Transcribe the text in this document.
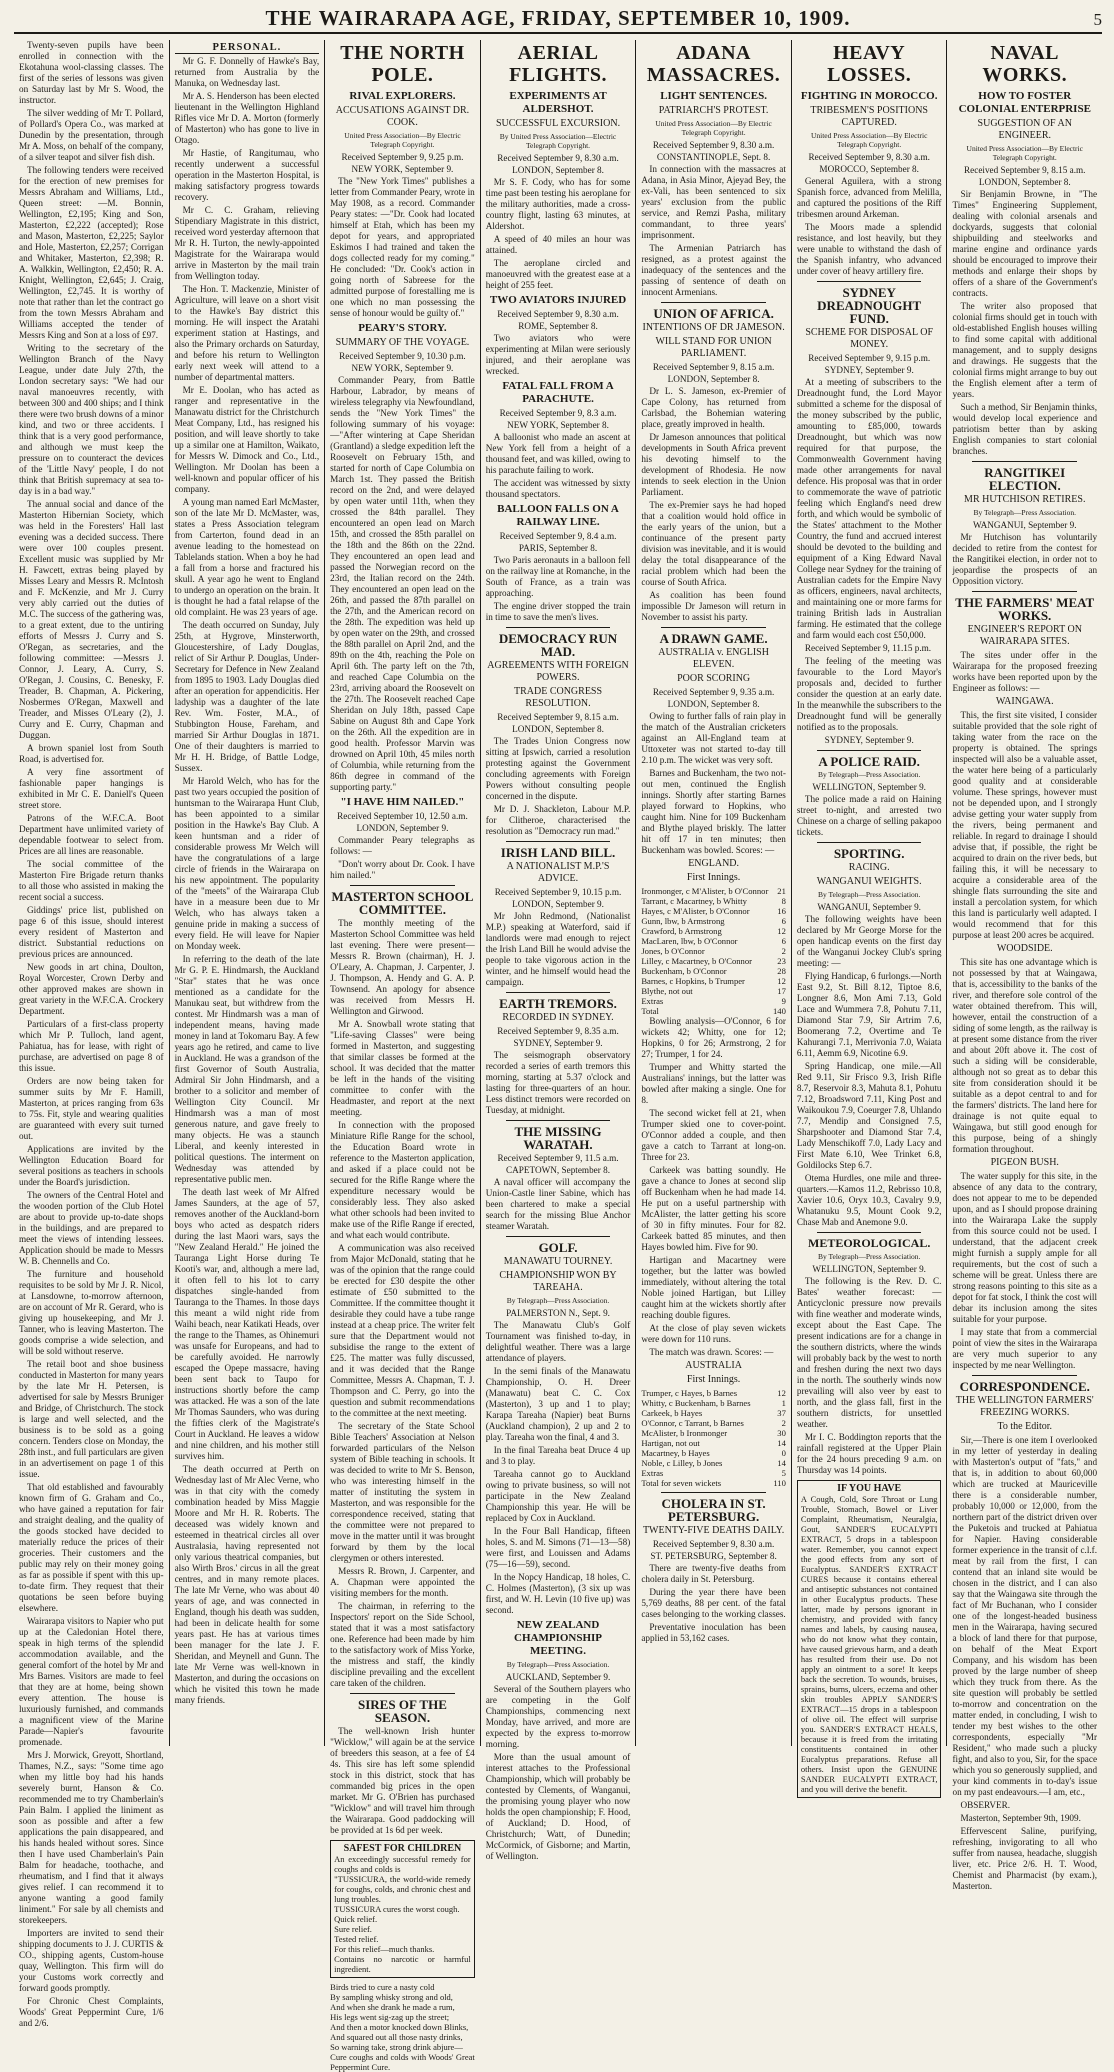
THE WAIRARAPA AGE, FRIDAY, SEPTEMBER 10, 1909.	5

Twenty-seven pupils have been enrolled in connection with the Ekotahuna wool-classing classes. The first of the series of lessons was given on Saturday last by Mr S. Wood, the instructor.

The silver wedding of Mr T. Pollard, of Pollard's Opera Co., was marked at Dunedin by the presentation, through Mr A. Moss, on behalf of the company, of a silver teapot and silver fish dish.

The following tenders were received for the erection of new premises for Messrs Abraham and Williams, Ltd., Queen street: —M. Bonnin, Wellington, £2,195; King and Son, Masterton, £2,222 (accepted); Rose and Mason, Masterton, £2,225; Saylor and Hole, Masterton, £2,257; Corrigan and Whitaker, Masterton, £2,398; R. A. Walkkin, Wellington, £2,450; R. A. Knight, Wellington, £2,645; J. Craig, Wellington, £2,745. It is worthy of note that rather than let the contract go from the town Messrs Abraham and Williams accepted the tender of Messrs King and Son at a loss of £97.

Writing to the secretary of the Wellington Branch of the Navy League, under date July 27th, the London secretary says: "We had our naval manoeuvres recently, with between 300 and 400 ships; and I think there were two brush downs of a minor kind, and two or three accidents. I think that is a very good performance, and although we must keep the pressure on to counteract the devices of the 'Little Navy' people, I do not think that British supremacy at sea to-day is in a bad way."

The annual social and dance of the Masterton Hibernian Society, which was held in the Foresters' Hall last evening was a decided success. There were over 100 couples present. Excellent music was supplied by Mr H. Fawcett, extras being played by Misses Leary and Messrs R. McIntosh and F. McKenzie, and Mr J. Curry very ably carried out the duties of M.C. The success of the gathering was, to a great extent, due to the untiring efforts of Messrs J. Curry and S. O'Regan, as secretaries, and the following committee: —Messrs J. Connor, J. Leary, A. Curry, S. O'Regan, J. Cousins, C. Benesky, F. Treader, B. Chapman, A. Pickering, Nosbermes O'Regan, Maxwell and Treader, and Misses O'Leary (2), J. Curry and E. Curry, Chapman and Duggan.

A brown spaniel lost from South Road, is advertised for.

A very fine assortment of fashionable paper hangings is exhibited in Mr C. E. Daniell's Queen street store.

Patrons of the W.F.C.A. Boot Department have unlimited variety of dependable footwear to select from. Prices are all lines are reasonable.

The social committee of the Masterton Fire Brigade return thanks to all those who assisted in making the recent social a success.

Giddings' price list, published on page 6 of this issue, should interest every resident of Masterton and district. Substantial reductions on previous prices are announced.

New goods in art china, Doulton, Royal Worcester, Crown Derby and other approved makes are shown in great variety in the W.F.C.A. Crockery Department.

Particulars of a first-class property which Mr P. Tulloch, land agent, Pahiatua, has for lease, with right of purchase, are advertised on page 8 of this issue.

Orders are now being taken for summer suits by Mr F. Hamill, Masterton, at prices ranging from 63s to 75s. Fit, style and wearing qualities are guaranteed with every suit turned out.

Applications are invited by the Wellington Education Board for several positions as teachers in schools under the Board's jurisdiction.

The owners of the Central Hotel and the wooden portion of the Club Hotel are about to provide up-to-date shops in the buildings, and are prepared to meet the views of intending lessees. Application should be made to Messrs W. B. Chennells and Co.

The furniture and household requisites to be sold by Mr J. R. Nicol, at Lansdowne, to-morrow afternoon, are on account of Mr R. Gerard, who is giving up housekeeping, and Mr J. Tanner, who is leaving Masterton. The goods comprise a wide selection, and will be sold without reserve.

The retail boot and shoe business conducted in Masterton for many years by the late Mr H. Petersen, is advertised for sale by Messrs Bruniger and Bridge, of Christchurch. The stock is large and well selected, and the business is to be sold as a going concern. Tenders close on Monday, the 28th inst., and full particulars are given in an advertisement on page 1 of this issue.

That old established and favourably known firm of G. Graham and Co., who have gained a reputation for fair and straight dealing, and the quality of the goods stocked have decided to materially reduce the prices of their groceries. Their customers and the public may rely on their money going as far as possible if spent with this up-to-date firm. They request that their quotations be seen before buying elsewhere.

Wairarapa visitors to Napier who put up at the Caledonian Hotel there, speak in high terms of the splendid accommodation available, and the general comfort of the hotel by Mr and Mrs Barnes. Visitors are made to feel that they are at home, being shown every attention. The house is luxuriously furnished, and commands a magnificent view of the Marine Parade—Napier's favourite promenade.

Mrs J. Morwick, Greyott, Shortland, Thames, N.Z., says: "Some time ago when my little boy had his hands severely burnt, Hanson & Co. recommended me to try Chamberlain's Pain Balm. I applied the liniment as soon as possible and after a few applications the pain disappeared, and his hands healed without sores. Since then I have used Chamberlain's Pain Balm for headache, toothache, and rheumatism, and I find that it always gives relief. I can recommend it to anyone wanting a good family liniment." For sale by all chemists and storekeepers.

Importers are invited to send their shipping documents to J. J. CURTIS & CO., shipping agents, Custom-house quay, Wellington. This firm will do your Customs work correctly and forward goods promptly.

For Chronic Chest Complaints, Woods' Great Peppermint Cure, 1/6 and 2/6.

PERSONAL.

Mr G. F. Donnelly of Hawke's Bay, returned from Australia by the Manuka, on Wednesday last.

Mr A. S. Henderson has been elected lieutenant in the Wellington Highland Rifles vice Mr D. A. Morton (formerly of Masterton) who has gone to live in Otago.

Mr Hastie, of Rangitumau, who recently underwent a successful operation in the Masterton Hospital, is making satisfactory progress towards recovery.

Mr C. C. Graham, relieving Stipendiary Magistrate in this district, received word yesterday afternoon that Mr R. H. Turton, the newly-appointed Magistrate for the Wairarapa would arrive in Masterton by the mail train from Wellington today.

The Hon. T. Mackenzie, Minister of Agriculture, will leave on a short visit to the Hawke's Bay district this morning. He will inspect the Aratahi experiment station at Hastings, and also the Primary orchards on Saturday, and before his return to Wellington early next week will attend to a number of departmental matters.

Mr E. Doolan, who has acted as ranger and representative in the Manawatu district for the Christchurch Meat Company, Ltd., has resigned his position, and will leave shortly to take up a similar one at Hamilton, Waikato, for Messrs W. Dimock and Co., Ltd., Wellington. Mr Doolan has been a well-known and popular officer of his company.

A young man named Earl McMaster, son of the late Mr D. McMaster, was, states a Press Association telegram from Carterton, found dead in an avenue leading to the homestead on Tablelands station. When a boy he had a fall from a horse and fractured his skull. A year ago he went to England to undergo an operation on the brain. It is thought he had a fatal relapse of the old complaint. He was 23 years of age.

The death occurred on Sunday, July 25th, at Hygrove, Minsterworth, Gloucestershire, of Lady Douglas, relict of Sir Arthur P. Douglas, Under-Secretary for Defence in New Zealand from 1895 to 1903. Lady Douglas died after an operation for appendicitis. Her ladyship was a daughter of the late Rev. Wm. Foster, M.A., of Stubbington House, Fareham, and married Sir Arthur Douglas in 1871. One of their daughters is married to Mr H. H. Bridge, of Battle Lodge, Sussex.

Mr Harold Welch, who has for the past two years occupied the position of huntsman to the Wairarapa Hunt Club, has been appointed to a similar position in the Hawke's Bay Club. A keen huntsman and a rider of considerable prowess Mr Welch will have the congratulations of a large circle of friends in the Wairarapa on his new appointment. The popularity of the "meets" of the Wairarapa Club have in a measure been due to Mr Welch, who has always taken a genuine pride in making a success of every field. He will leave for Napier on Monday week.

In referring to the death of the late Mr G. P. E. Hindmarsh, the Auckland "Star" states that he was once mentioned as a candidate for the Manukau seat, but withdrew from the contest. Mr Hindmarsh was a man of independent means, having made money in land at Tokomaru Bay. A few years ago he retired, and came to live in Auckland. He was a grandson of the first Governor of South Australia, Admiral Sir John Hindmarsh, and a brother to a solicitor and member of Wellington City Council. Mr Hindmarsh was a man of most generous nature, and gave freely to many objects. He was a staunch Liberal, and keenly interested in political questions. The interment on Wednesday was attended by representative public men.

The death last week of Mr Alfred James Saunders, at the age of 57, removes another of the Auckland-born boys who acted as despatch riders during the last Maori wars, says the "New Zealand Herald." He joined the Tauranga Light Horse during Te Kooti's war, and, although a mere lad, it often fell to his lot to carry dispatches single-handed from Tauranga to the Thames. In those days this meant a wild night ride from Waihi beach, near Katikati Heads, over the range to the Thames, as Ohinemuri was unsafe for Europeans, and had to be carefully avoided. He narrowly escaped the Opepe massacre, having been sent back to Taupo for instructions shortly before the camp was attacked. He was a son of the late Mr Thomas Saunders, who was during the fifties clerk of the Magistrate's Court in Auckland. He leaves a widow and nine children, and his mother still survives him.

The death occurred at Perth on Wednesday last of Mr Alec Verne, who was in that city with the comedy combination headed by Miss Maggie Moore and Mr H. R. Roberts. The deceased was widely known and esteemed in theatrical circles all over Australasia, having represented not only various theatrical companies, but also Wirth Bros.' circus in all the great centres, and in many remote places. The late Mr Verne, who was about 40 years of age, and was connected in England, though his death was sudden, had been in delicate health for some years past. He has at various times been manager for the late J. F. Sheridan, and Meynell and Gunn. The late Mr Verne was well-known in Masterton, and during the occasions on which he visited this town he made many friends.

THE NORTH POLE.
RIVAL EXPLORERS.
ACCUSATIONS AGAINST DR. COOK.
United Press Association—By Electric Telegraph Copyright.
Received September 9, 9.25 p.m.
NEW YORK, September 9.

The "New York Times" publishes a letter from Commander Peary, wrote in May 1908, as a record. Commander Peary states: —"Dr. Cook had located himself at Etah, which has been my depot for years, and appropriated Eskimos I had trained and taken the dogs collected ready for my coming." He concluded: "Dr. Cook's action in going north of Sabreese for the admitted purpose of forestalling me is one which no man possessing the sense of honour would be guilty of."

PEARY'S STORY.
SUMMARY OF THE VOYAGE.
Received September 9, 10.30 p.m.
NEW YORK, September 9.

Commander Peary, from Battle Harbour, Labrador, by means of wireless telegraphy via Newfoundland, sends the "New York Times" the following summary of his voyage: —"After wintering at Cape Sheridan (Grantland) a sledge expedition left the Roosevelt on February 15th, and started for north of Cape Columbia on March 1st. They passed the British record on the 2nd, and were delayed by open water until 11th, when they crossed the 84th parallel. They encountered an open lead on March 15th, and crossed the 85th parallel on the 18th and the 86th on the 22nd. They encountered an open lead and passed the Norwegian record on the 23rd, the Italian record on the 24th. They encountered an open lead on the 26th, and passed the 87th parallel on the 27th, and the American record on the 28th. The expedition was held up by open water on the 29th, and crossed the 88th parallel on April 2nd, and the 89th on the 4th, reaching the Pole on April 6th. The party left on the 7th, and reached Cape Columbia on the 23rd, arriving aboard the Roosevelt on the 27th. The Roosevelt reached Cape Sheridan on July 18th, passed Cape Sabine on August 8th and Cape York on the 26th. All the expedition are in good health. Professor Marvin was drowned on April 10th, 45 miles north of Columbia, while returning from the 86th degree in command of the supporting party."

"I HAVE HIM NAILED."
Received September 10, 12.50 a.m.
LONDON, September 9.

Commander Peary telegraphs as follows: —

"Don't worry about Dr. Cook. I have him nailed."

MASTERTON SCHOOL COMMITTEE.

The monthly meeting of the Masterton School Committee was held last evening. There were present—Messrs R. Brown (chairman), H. J. O'Leary, A. Chapman, J. Carpenter, J. J. Thompson, A. Hendy and G. A. P. Townsend. An apology for absence was received from Messrs H. Wellington and Girwood.

Mr A. Snowball wrote stating that "Life-saving Classes" were being formed in Masterton, and suggesting that similar classes be formed at the school. It was decided that the matter be left in the hands of the visiting committee to confer with the Headmaster, and report at the next meeting.

In connection with the proposed Miniature Rifle Range for the school, the Education Board wrote in reference to the Masterton application, and asked if a place could not be secured for the Rifle Range where the expenditure necessary would be considerably less. They also asked what other schools had been invited to make use of the Rifle Range if erected, and what each would contribute.

A communication was also received from Major McDonald, stating that he was of the opinion that the range could be erected for £30 despite the other estimate of £50 submitted to the Committee. If the committee thought it desirable they could have a tube range instead at a cheap price. The writer felt sure that the Department would not subsidise the range to the extent of £25. The matter was fully discussed, and it was decided that the Range Committee, Messrs A. Chapman, T. J. Thompson and C. Perry, go into the question and submit recommendations to the committee at the next meeting.

The secretary of the State School Bible Teachers' Association at Nelson forwarded particulars of the Nelson system of Bible teaching in schools. It was decided to write to Mr S. Benson, who was interesting himself in the matter of instituting the system in Masterton, and was responsible for the correspondence received, stating that the committee were not prepared to move in the matter until it was brought forward by them by the local clergymen or others interested.

Messrs R. Brown, J. Carpenter, and A. Chapman were appointed the visiting members for the month.

The chairman, in referring to the Inspectors' report on the Side School, stated that it was a most satisfactory one. Reference had been made by him to the satisfactory work of Miss Yorke, the mistress and staff, the kindly discipline prevailing and the excellent care taken of the children.

SIRES OF THE SEASON.

The well-known Irish hunter "Wicklow," will again be at the service of breeders this season, at a fee of £4 4s. This sire has left some splendid stock in this district, stock that has commanded big prices in the open market. Mr G. O'Brien has purchased "Wicklow" and will travel him through the Wairarapa. Good paddocking will be provided at 1s 6d per week.

SAFEST FOR CHILDREN
An exceedingly successful remedy for coughs and colds is
"TUSSICURA, the world-wide remedy for coughs, colds, and chronic chest and lung troubles.
TUSSICURA cures the worst cough.
Quick relief.
Sure relief.
Tested relief.
For this relief—much thanks.
Contains no narcotic or harmful ingredient.
Birds tried to cure a nasty cold
By sampling whisky strong and old,
And when she drank he made a rum,
His legs went sig-zag up the street;
And then a motor knocked down Blinks,
And squared out all those nasty drinks,
So warning take, strong drink abjure—
Cure coughs and colds with Woods' Great Peppermint Cure.
AERIAL FLIGHTS.
EXPERIMENTS AT ALDERSHOT.
SUCCESSFUL EXCURSION.
By United Press Association—Electric Telegraph Copyright.
Received September 9, 8.30 a.m.
LONDON, September 8.

Mr S. F. Cody, who has for some time past been testing his aeroplane for the military authorities, made a cross-country flight, lasting 63 minutes, at Aldershot.

A speed of 40 miles an hour was attained.

The aeroplane circled and manoeuvred with the greatest ease at a height of 255 feet.

TWO AVIATORS INJURED
Received September 9, 8.30 a.m.
ROME, September 8.

Two aviators who were experimenting at Milan were seriously injured, and their aeroplane was wrecked.

FATAL FALL FROM A PARACHUTE.
Received September 9, 8.3 a.m.
NEW YORK, September 8.

A balloonist who made an ascent at New York fell from a height of a thousand feet, and was killed, owing to his parachute failing to work.

The accident was witnessed by sixty thousand spectators.

BALLOON FALLS ON A RAILWAY LINE.
Received September 9, 8.4 a.m.
PARIS, September 8.

Two Paris aeronauts in a balloon fell on the railway line at Romanche, in the South of France, as a train was approaching.

The engine driver stopped the train in time to save the men's lives.

DEMOCRACY RUN MAD.
AGREEMENTS WITH FOREIGN POWERS.
TRADE CONGRESS RESOLUTION.
Received September 9, 8.15 a.m.
LONDON, September 8.

The Trades Union Congress now sitting at Ipswich, carried a resolution protesting against the Government concluding agreements with Foreign Powers without consulting people concerned in the dispute.

Mr D. J. Shackleton, Labour M.P. for Clitheroe, characterised the resolution as "Democracy run mad."

IRISH LAND BILL.
A NATIONALIST M.P.'S ADVICE.
Received September 9, 10.15 p.m.
LONDON, September 9.

Mr John Redmond, (Nationalist M.P.) speaking at Waterford, said if landlords were mad enough to reject the Irish Land Bill he would advise the people to take vigorous action in the winter, and he himself would head the campaign.

EARTH TREMORS.
RECORDED IN SYDNEY.
Received September 9, 8.35 a.m.
SYDNEY, September 9.

The seismograph observatory recorded a series of earth tremors this morning, starting at 5.37 o'clock and lasting for three-quarters of an hour. Less distinct tremors were recorded on Tuesday, at midnight.

THE MISSING WARATAH.
Received September 9, 11.5 a.m.
CAPETOWN, September 8.

A naval officer will accompany the Union-Castle liner Sabine, which has been chartered to make a special search for the missing Blue Anchor steamer Waratah.

GOLF.
MANAWATU TOURNEY.
CHAMPIONSHIP WON BY TAREAHA.
By Telegraph—Press Association.
PALMERSTON N., Sept. 9.

The Manawatu Club's Golf Tournament was finished to-day, in delightful weather. There was a large attendance of players.

In the semi finals of the Manawatu Championship, O. H. Dreer (Manawatu) beat C. C. Cox (Masterton), 3 up and 1 to play; Karapa Tareaha (Napier) beat Burns (Auckland champion), 2 up and 2 to play. Tareaha won the final, 4 and 3.

In the final Tareaha beat Druce 4 up and 3 to play.

Tareaha cannot go to Auckland owing to private business, so will not participate in the New Zealand Championship this year. He will be replaced by Cox in Auckland.

In the Four Ball Handicap, fifteen holes, S. and M. Simons (71—13—58) were first, and Louissen and Adams (75—16—59), second.

In the Nopcy Handicap, 18 holes, C. C. Holmes (Masterton), (3 six up was first, and W. H. Levin (10 five up) was second.

NEW ZEALAND CHAMPIONSHIP MEETING.
By Telegraph—Press Association.
AUCKLAND, September 9.

Several of the Southern players who are competing in the Golf Championships, commencing next Monday, have arrived, and more are expected by the express to-morrow morning.

More than the usual amount of interest attaches to the Professional Championship, which will probably be contested by Clements, of Wanganui, the promising young player who now holds the open championship; F. Hood, of Auckland; D. Hood, of Christchurch; Watt, of Dunedin; McCormick, of Gisborne; and Martin, of Wellington.

ADANA MASSACRES.
LIGHT SENTENCES.
PATRIARCH'S PROTEST.
United Press Association—By Electric Telegraph Copyright.
Received September 9, 8.30 a.m.
CONSTANTINOPLE, Sept. 8.

In connection with the massacres at Adana, in Asia Minor, Ajeyad Bey, the ex-Vali, has been sentenced to six years' exclusion from the public service, and Remzi Pasha, military commandant, to three years' imprisonment.

The Armenian Patriarch has resigned, as a protest against the inadequacy of the sentences and the passing of sentence of death on innocent Armenians.

UNION OF AFRICA.
INTENTIONS OF DR JAMESON.
WILL STAND FOR UNION PARLIAMENT.
Received September 9, 8.15 a.m.
LONDON, September 8.

Dr L. S. Jameson, ex-Premier of Cape Colony, has returned from Carlsbad, the Bohemian watering place, greatly improved in health.

Dr Jameson announces that political developments in South Africa prevent his devoting himself to the development of Rhodesia. He now intends to seek election in the Union Parliament.

The ex-Premier says he had hoped that a coalition would hold office in the early years of the union, but a continuance of the present party division was inevitable, and it is would delay the total disappearance of the racial problem which had been the course of South Africa.

As coalition has been found impossible Dr Jameson will return in November to assist his party.

A DRAWN GAME.
AUSTRALIA v. ENGLISH ELEVEN.
POOR SCORING
Received September 9, 9.35 a.m.
LONDON, September 8.

Owing to further falls of rain play in the match of the Australian cricketers against an All-England team at Uttoxeter was not started to-day till 2.10 p.m. The wicket was very soft.

Barnes and Buckenham, the two not-out men, continued the English innings. Shortly after starting Barnes played forward to Hopkins, who caught him. Nine for 109 Buckenham and Blythe played briskly. The latter hit off 17 in ten minutes; then Buckenham was bowled. Scores: —

ENGLAND.
First Innings.
Ironmonger, c M'Alister, b O'Connor 21
Tarrant, c Macartney, b Whitty	8
Hayes, c M'Alister, b O'Connor	16
Gunn, lbw, b Armstrong	6
Crawford, b Armstrong	12
MacLaren, lbw, b O'Connor	6
Jones, b O'Connor	2
Lilley, c Macartney, b O'Connor	23
Buckenham, b O'Connor	28
Barnes, c Hopkins, b Trumper	12
Blythe, not out	17
Extras	9
Total	140

Bowling analysis—O'Connor, 6 for wickets 42; Whitty, one for 12; Hopkins, 0 for 26; Armstrong, 2 for 27; Trumper, 1 for 24.

Trumper and Whitty started the Australians' innings, but the latter was bowled after making a single. One for 8.

The second wicket fell at 21, when Trumper skied one to cover-point. O'Connor added a couple, and then gave a catch to Tarrant at long-on. Three for 23.

Carkeek was batting soundly. He gave a chance to Jones at second slip off Buckenham when he had made 14. He put on a useful partnership with McAlister, the latter getting his score of 30 in fifty minutes. Four for 82. Carkeek batted 85 minutes, and then Hayes bowled him. Five for 90.

Hartigan and Macartney were together, but the latter was bowled immediately, without altering the total Noble joined Hartigan, but Lilley caught him at the wickets shortly after reaching double figures.

At the close of play seven wickets were down for 110 runs.

The match was drawn. Scores: —

AUSTRALIA
First Innings.
Trumper, c Hayes, b Barnes	12
Whitty, c Buckenham, b Barnes	1
Carkeek, b Hayes	37
O'Connor, c Tarrant, b Barnes	2
McAlister, b Ironmonger	30
Hartigan, not out	14
Macartney, b Hayes	0
Noble, c Lilley, b Jones	14
Extras	5
Total for seven wickets	110
CHOLERA IN ST. PETERSBURG.
TWENTY-FIVE DEATHS DAILY.
Received September 9, 8.30 a.m.
ST. PETERSBURG, September 8.

There are twenty-five deaths from cholera daily in St. Petersburg.

During the year there have been 5,769 deaths, 88 per cent. of the fatal cases belonging to the working classes.

Preventative inoculation has been applied in 53,162 cases.

HEAVY LOSSES.
FIGHTING IN MOROCCO.
TRIBESMEN'S POSITIONS CAPTURED.
United Press Association—By Electric Telegraph Copyright.
Received September 9, 8.30 a.m.
MOROCCO, September 8.

General Aguilera, with a strong Spanish force, advanced from Melilla, and captured the positions of the Riff tribesmen around Arkeman.

The Moors made a splendid resistance, and lost heavily, but they were unable to withstand the dash of the Spanish infantry, who advanced under cover of heavy artillery fire.

SYDNEY DREADNOUGHT FUND.
SCHEME FOR DISPOSAL OF MONEY.
Received September 9, 9.15 p.m.
SYDNEY, September 9.

At a meeting of subscribers to the Dreadnought fund, the Lord Mayor submitted a scheme for the disposal of the money subscribed by the public, amounting to £85,000, towards Dreadnought, but which was now required for that purpose, the Commonwealth Government having made other arrangements for naval defence. His proposal was that in order to commemorate the wave of patriotic feeling which England's need drew forth, and which would be symbolic of the States' attachment to the Mother Country, the fund and accrued interest should be devoted to the building and equipment of a King Edward Naval College near Sydney for the training of Australian cadets for the Empire Navy as officers, engineers, naval architects, and maintaining one or more farms for training British lads in Australian farming. He estimated that the college and farm would each cost £50,000.

Received September 9, 11.15 p.m.

The feeling of the meeting was favourable to the Lord Mayor's proposals and, decided to further consider the question at an early date. In the meanwhile the subscribers to the Dreadnought fund will be generally notified as to the proposals.

SYDNEY, September 9.
A POLICE RAID.
By Telegraph—Press Association.
WELLINGTON, September 9.

The police made a raid on Haining street to-night, and arrested two Chinese on a charge of selling pakapoo tickets.

SPORTING.
RACING.
WANGANUI WEIGHTS.
By Telegraph—Press Association.
WANGANUI, September 9.

The following weights have been declared by Mr George Morse for the open handicap events on the first day of the Wanganui Jockey Club's spring meeting: —

Flying Handicap, 6 furlongs.—North East 9.2, St. Bill 8.12, Tiptoe 8.6, Longner 8.6, Mon Ami 7.13, Gold Lace and Wummera 7.8, Pohutu 7.11, Diamond Star 7.9, Sir Artrim 7.6, Boomerang 7.2, Overtime and Te Kahurangi 7.1, Merrivonia 7.0, Waiata 6.11, Aemm 6.9, Nicotine 6.9.

Spring Handicap, one mile.—All Red 9.11, Sir Frisco 9.3, Irish Rifle 8.7, Reservoir 8.3, Mahuta 8.1, Pohutu 7.12, Broadsword 7.11, King Post and Waikoukou 7.9, Coeurger 7.8, Uhlando 7.7, Mendip and Consigned 7.5, Sharpshooter and Diamond Star 7.4, Lady Menschikoff 7.0, Lady Lacy and First Mate 6.10, Wee Trinket 6.8, Goldilocks Step 6.7.

Otema Hurdles, one mile and three-quarters.—Kamos 11.2, Rebrisso 10.8, Xavier 10.6, Oryx 10.3, Cavalry 9.9, Whatanuku 9.5, Mount Cook 9.2, Chase Mab and Anemone 9.0.

METEOROLOGICAL.
By Telegraph—Press Association.
WELLINGTON, September 9.

The following is the Rev. D. C. Bates' weather forecast: —Anticyclonic pressure now prevails with fine weather and moderate winds, except about the East Cape. The present indications are for a change in the southern districts, where the winds will probably back by the west to north and freshen during the next two days in the north. The southerly winds now prevailing will also veer by east to north, and the glass fall, first in the southern districts, for unsettled weather.

Mr I. C. Boddington reports that the rainfall registered at the Upper Plain for the 24 hours preceding 9 a.m. on Thursday was 14 points.

IF YOU HAVE
A Cough, Cold, Sore Throat or Lung Trouble, Stomach, Bowel or Liver Complaint, Rheumatism, Neuralgia, Gout, SANDER'S EUCALYPTI EXTRACT, 5 drops in a tablespoon water. Remember, you cannot expect the good effects from any sort of Eucalyptus. SANDER'S EXTRACT CURES because it contains ethereal and antiseptic substances not contained in other Eucalyptus products. These latter, made by persons ignorant in chemistry, and provided with fancy names and labels, by causing nausea, who do not know what they contain, have caused grievous harm, and a death has resulted from their use. Do not apply an ointment to a sore! It keeps back the secretion. To wounds, bruises, sprains, burns, ulcers, eczema and other skin troubles APPLY SANDER'S EXTRACT—15 drops in a tablespoon of olive oil. The effect will surprise you. SANDER'S EXTRACT HEALS, because it is freed from the irritating constituents contained in other Eucalyptus preparations. Refuse all others. Insist upon the GENUINE SANDER EUCALYPTI EXTRACT, and you will derive the benefit.
NAVAL WORKS.
HOW TO FOSTER COLONIAL ENTERPRISE
SUGGESTION OF AN ENGINEER.
United Press Association—By Electric Telegraph Copyright.
Received September 9, 8.15 a.m.
LONDON, September 8.

Sir Benjamin Browne, in "The Times" Engineering Supplement, dealing with colonial arsenals and dockyards, suggests that colonial shipbuilding and steelworks and marine engine and ordinance yards should be encouraged to improve their methods and enlarge their shops by offers of a share of the Government's contracts.

The writer also proposed that colonial firms should get in touch with old-established English houses willing to find some capital with additional management, and to supply designs and drawings. He suggests that the colonial firms might arrange to buy out the English element after a term of years.

Such a method, Sir Benjamin thinks, would develop local experience and patriotism better than by asking English companies to start colonial branches.

RANGITIKEI ELECTION.
MR HUTCHISON RETIRES.
By Telegraph—Press Association.
WANGANUI, September 9.

Mr Hutchison has voluntarily decided to retire from the contest for the Rangitikei election, in order not to jeopardise the prospects of an Opposition victory.

THE FARMERS' MEAT WORKS.
ENGINEER'S REPORT ON WAIRARAPA SITES.

The sites under offer in the Wairarapa for the proposed freezing works have been reported upon by the Engineer as follows: —

WAINGAWA.

This, the first site visited, I consider suitable provided that the sole right of taking water from the race on the property is obtained. The springs inspected will also be a valuable asset, the water here being of a particularly good quality and at considerable volume. These springs, however must not be depended upon, and I strongly advise getting your water supply from the rivers, being permanent and reliable. In regard to drainage I should advise that, if possible, the right be acquired to drain on the river beds, but failing this, it will be necessary to acquire a considerable area of the shingle flats surrounding the site and install a percolation system, for which this land is particularly well adapted. I would recommend that for this purpose at least 200 acres be acquired.

WOODSIDE.

This site has one advantage which is not possessed by that at Waingawa, that is, accessibility to the banks of the river, and therefore sole control of the water obtained therefrom. This will, however, entail the construction of a siding of some length, as the railway is at present some distance from the river and about 20ft above it. The cost of such a siding will be considerable, although not so great as to debar this site from consideration should it be suitable as a depot central to and for the farmers' districts. The land here for drainage is not quite equal to Waingawa, but still good enough for this purpose, being of a shingly formation throughout.

PIGEON BUSH.

The water supply for this site, in the absence of any data to the contrary, does not appear to me to be depended upon, and as I should propose draining into the Wairarapa Lake the supply from this source could not be used. I understand, that the adjacent creek might furnish a supply ample for all requirements, but the cost of such a scheme will be great. Unless there are strong reasons pointing to this site as a depot for fat stock, I think the cost will debar its inclusion among the sites suitable for your purpose.

I may state that from a commercial point of view the sites in the Wairarapa are very much superior to any inspected by me near Wellington.

CORRESPONDENCE.
THE WELLINGTON FARMERS' FREEZING WORKS.
To the Editor.

Sir,—There is one item I overlooked in my letter of yesterday in dealing with Masterton's output of "fats," and that is, in addition to about 60,000 which are trucked at Mauriceville there is a considerable number, probably 10,000 or 12,000, from the northern part of the district driven over the Puketois and trucked at Pahiatua for Napier. Having considerable former experience in the transit of c.l.f. meat by rail from the first, I can contend that an inland site would be chosen in the district, and I can also say that the Waingawa site through the fact of Mr Buchanan, who I consider one of the longest-headed business men in the Wairarapa, having secured a block of land there for that purpose, on behalf of the Meat Export Company, and his wisdom has been proved by the large number of sheep which they truck from there. As the site question will probably be settled to-morrow and concentration on the matter ended, in concluding, I wish to tender my best wishes to the other correspondents, especially "Mr Resident," who made such a plucky fight, and also to you, Sir, for the space which you so generously supplied, and your kind comments in to-day's issue on my past endeavours.—I am, etc.,

OBSERVER.

Masterton, September 9th, 1909.

Effervescent Saline, purifying, refreshing, invigorating to all who suffer from nausea, headache, sluggish liver, etc. Price 2/6. H. T. Wood, Chemist and Pharmacist (by exam.), Masterton.
